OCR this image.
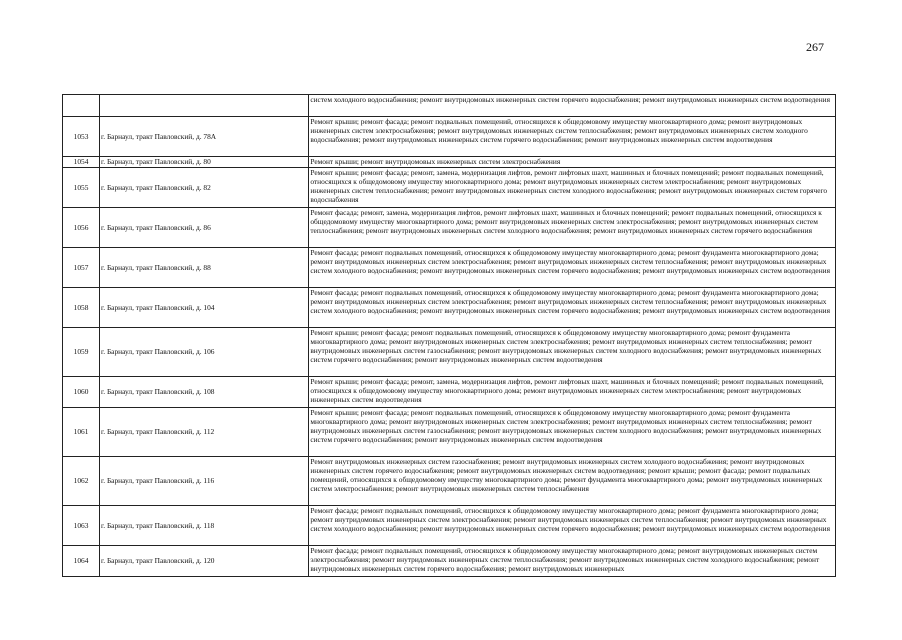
267
		систем холодного водоснабжения; ремонт внутридомовых инженерных систем горячего водоснабжения; ремонт внутридомовых инженерных систем водоотведения
1053	г. Барнаул, тракт Павловский, д. 78А	Ремонт крыши; ремонт фасада; ремонт подвальных помещений, относящихся к общедомовому имуществу многоквартирного дома; ремонт внутридомовых инженерных систем электроснабжения; ремонт внутридомовых инженерных систем теплоснабжения; ремонт внутридомовых инженерных систем холодного водоснабжения; ремонт внутридомовых инженерных систем горячего водоснабжения; ремонт внутридомовых инженерных систем водоотведения
1054	г. Барнаул, тракт Павловский, д. 80	Ремонт крыши; ремонт внутридомовых инженерных систем электроснабжения
1055	г. Барнаул, тракт Павловский, д. 82	Ремонт крыши; ремонт фасада; ремонт, замена, модернизация лифтов, ремонт лифтовых шахт, машинных и блочных помещений; ремонт подвальных помещений, относящихся к общедомовому имуществу многоквартирного дома; ремонт внутридомовых инженерных систем электроснабжения; ремонт внутридомовых инженерных систем теплоснабжения; ремонт внутридомовых инженерных систем холодного водоснабжения; ремонт внутридомовых инженерных систем горячего водоснабжения
1056	г. Барнаул, тракт Павловский, д. 86	Ремонт фасада; ремонт, замена, модернизация лифтов, ремонт лифтовых шахт, машинных и блочных помещений; ремонт подвальных помещений, относящихся к общедомовому имуществу многоквартирного дома; ремонт внутридомовых инженерных систем электроснабжения; ремонт внутридомовых инженерных систем теплоснабжения; ремонт внутридомовых инженерных систем холодного водоснабжения; ремонт внутридомовых инженерных систем горячего водоснабжения
1057	г. Барнаул, тракт Павловский, д. 88	Ремонт фасада; ремонт подвальных помещений, относящихся к общедомовому имуществу многоквартирного дома; ремонт фундамента многоквартирного дома; ремонт внутридомовых инженерных систем электроснабжения; ремонт внутридомовых инженерных систем теплоснабжения; ремонт внутридомовых инженерных систем холодного водоснабжения; ремонт внутридомовых инженерных систем горячего водоснабжения; ремонт внутридомовых инженерных систем водоотведения
1058	г. Барнаул, тракт Павловский, д. 104	Ремонт фасада; ремонт подвальных помещений, относящихся к общедомовому имуществу многоквартирного дома; ремонт фундамента многоквартирного дома; ремонт внутридомовых инженерных систем электроснабжения; ремонт внутридомовых инженерных систем теплоснабжения; ремонт внутридомовых инженерных систем холодного водоснабжения; ремонт внутридомовых инженерных систем горячего водоснабжения; ремонт внутридомовых инженерных систем водоотведения
1059	г. Барнаул, тракт Павловский, д. 106	Ремонт крыши; ремонт фасада; ремонт подвальных помещений, относящихся к общедомовому имуществу многоквартирного дома; ремонт фундамента многоквартирного дома; ремонт внутридомовых инженерных систем электроснабжения; ремонт внутридомовых инженерных систем теплоснабжения; ремонт внутридомовых инженерных систем газоснабжения; ремонт внутридомовых инженерных систем холодного водоснабжения; ремонт внутридомовых инженерных систем горячего водоснабжения; ремонт внутридомовых инженерных систем водоотведения
1060	г. Барнаул, тракт Павловский, д. 108	Ремонт крыши; ремонт фасада; ремонт, замена, модернизация лифтов, ремонт лифтовых шахт, машинных и блочных помещений; ремонт подвальных помещений, относящихся к общедомовому имуществу многоквартирного дома; ремонт внутридомовых инженерных систем электроснабжения; ремонт внутридомовых инженерных систем водоотведения
1061	г. Барнаул, тракт Павловский, д. 112	Ремонт крыши; ремонт фасада; ремонт подвальных помещений, относящихся к общедомовому имуществу многоквартирного дома; ремонт фундамента многоквартирного дома; ремонт внутридомовых инженерных систем электроснабжения; ремонт внутридомовых инженерных систем теплоснабжения; ремонт внутридомовых инженерных систем газоснабжения; ремонт внутридомовых инженерных систем холодного водоснабжения; ремонт внутридомовых инженерных систем горячего водоснабжения; ремонт внутридомовых инженерных систем водоотведения
1062	г. Барнаул, тракт Павловский, д. 116	Ремонт внутридомовых инженерных систем газоснабжения; ремонт внутридомовых инженерных систем холодного водоснабжения; ремонт внутридомовых инженерных систем горячего водоснабжения; ремонт внутридомовых инженерных систем водоотведения; ремонт крыши; ремонт фасада; ремонт подвальных помещений, относящихся к общедомовому имуществу многоквартирного дома; ремонт фундамента многоквартирного дома; ремонт внутридомовых инженерных систем электроснабжения; ремонт внутридомовых инженерных систем теплоснабжения
1063	г. Барнаул, тракт Павловский, д. 118	Ремонт фасада; ремонт подвальных помещений, относящихся к общедомовому имуществу многоквартирного дома; ремонт фундамента многоквартирного дома; ремонт внутридомовых инженерных систем электроснабжения; ремонт внутридомовых инженерных систем теплоснабжения; ремонт внутридомовых инженерных систем холодного водоснабжения; ремонт внутридомовых инженерных систем горячего водоснабжения; ремонт внутридомовых инженерных систем водоотведения
1064	г. Барнаул, тракт Павловский, д. 120	Ремонт фасада; ремонт подвальных помещений, относящихся к общедомовому имуществу многоквартирного дома; ремонт внутридомовых инженерных систем электроснабжения; ремонт внутридомовых инженерных систем теплоснабжения; ремонт внутридомовых инженерных систем холодного водоснабжения; ремонт внутридомовых инженерных систем горячего водоснабжения; ремонт внутридомовых инженерных
